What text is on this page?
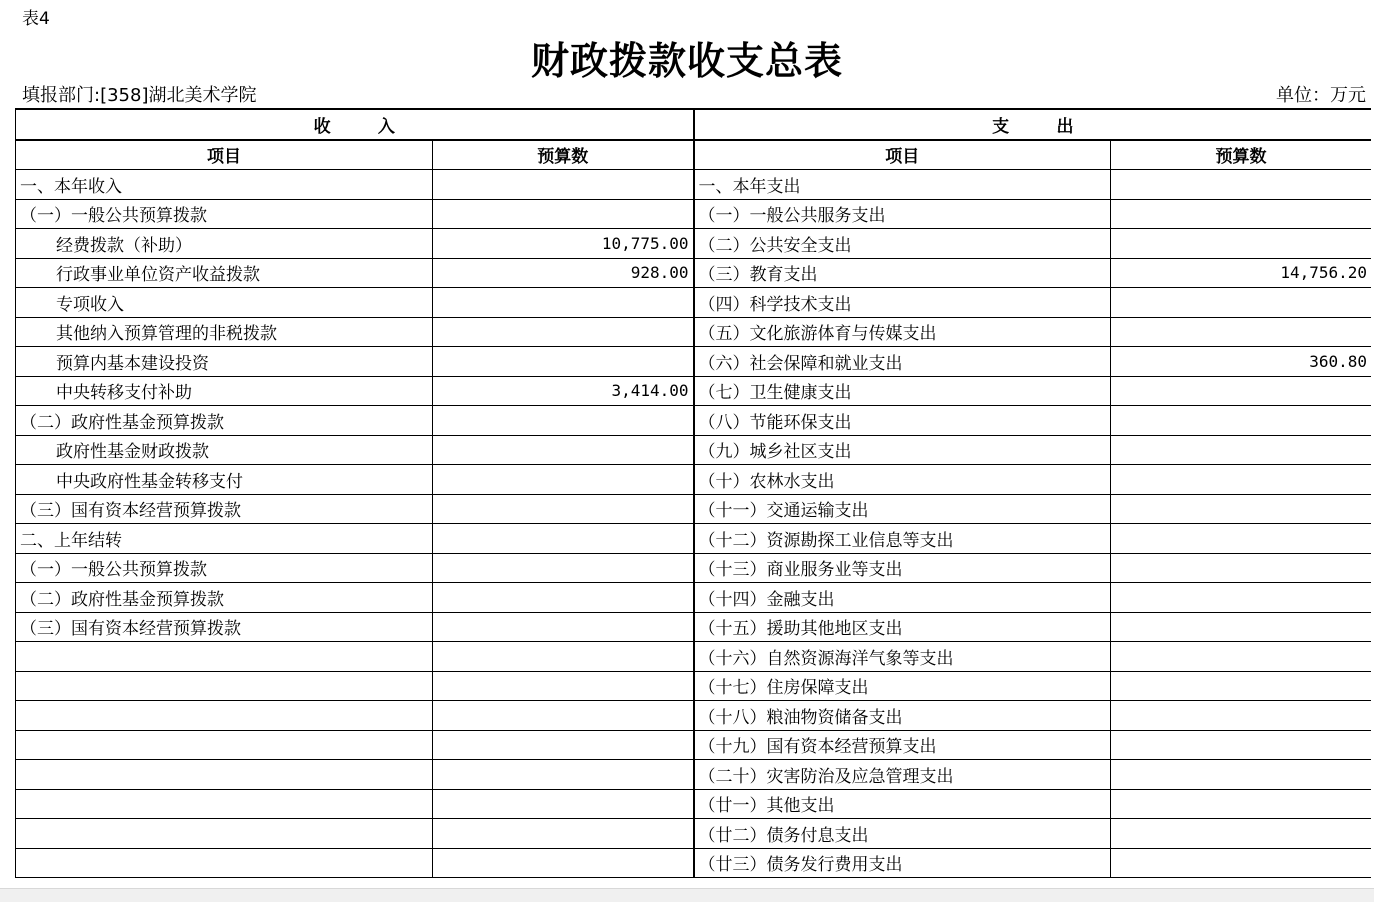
表4
财政拨款收支总表
填报部门:[358]湖北美术学院	单位：万元
收        入		支        出	
项目	预算数	项目	预算数
一、本年收入		一、本年支出	
（一）一般公共预算拨款		（一）一般公共服务支出	
经费拨款（补助）	10,775.00	（二）公共安全支出	
行政事业单位资产收益拨款	928.00	（三）教育支出	14,756.20
专项收入		（四）科学技术支出	
其他纳入预算管理的非税拨款		（五）文化旅游体育与传媒支出	
预算内基本建设投资		（六）社会保障和就业支出	360.80
中央转移支付补助	3,414.00	（七）卫生健康支出	
（二）政府性基金预算拨款		（八）节能环保支出	
政府性基金财政拨款		（九）城乡社区支出	
中央政府性基金转移支付		（十）农林水支出	
（三）国有资本经营预算拨款		（十一）交通运输支出	
二、上年结转		（十二）资源勘探工业信息等支出	
（一）一般公共预算拨款		（十三）商业服务业等支出	
（二）政府性基金预算拨款		（十四）金融支出	
（三）国有资本经营预算拨款		（十五）援助其他地区支出	
		（十六）自然资源海洋气象等支出	
		（十七）住房保障支出	
		（十八）粮油物资储备支出	
		（十九）国有资本经营预算支出	
		（二十）灾害防治及应急管理支出	
		（廿一）其他支出	
		（廿二）债务付息支出	
		（廿三）债务发行费用支出	
